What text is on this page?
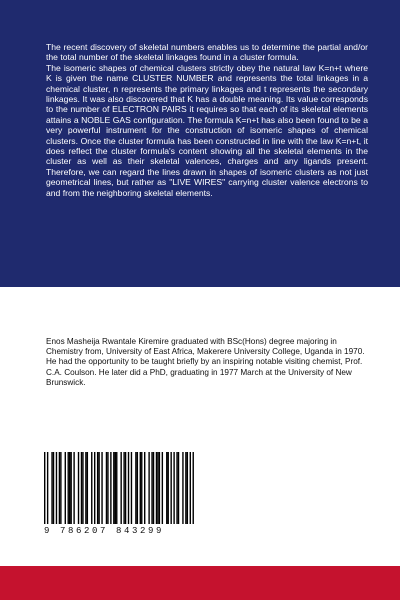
The recent discovery of skeletal numbers enables us to determine the partial and/or the total number of the skeletal linkages found in a cluster formula.

The isomeric shapes of chemical clusters strictly obey the natural law K=n+t where K is given the name CLUSTER NUMBER and represents the total linkages in a chemical cluster, n represents the primary linkages and t represents the secondary linkages. It was also discovered that K has a double meaning. Its value corresponds to the number of ELECTRON PAIRS it requires so that each of its skeletal elements attains a NOBLE GAS configuration. The formula K=n+t has also been found to be a very powerful instrument for the construction of isomeric shapes of chemical clusters. Once the cluster formula has been constructed in line with the law K=n+t, it does reflect the cluster formula's content showing all the skeletal elements in the cluster as well as their skeletal valences, charges and any ligands present. Therefore, we can regard the lines drawn in shapes of isomeric clusters as not just geometrical lines, but rather as "LIVE WIRES" carrying cluster valence electrons to and from the neighboring skeletal elements.

Enos Masheija Rwantale Kiremire graduated with BSc(Hons) degree majoring in Chemistry from, University of East Africa, Makerere University College, Uganda in 1970. He had the opportunity to be taught briefly by an inspiring notable visiting chemist, Prof. C.A. Coulson. He later did a PhD, graduating in 1977 March at the University of New Brunswick.
9 786207 843299
